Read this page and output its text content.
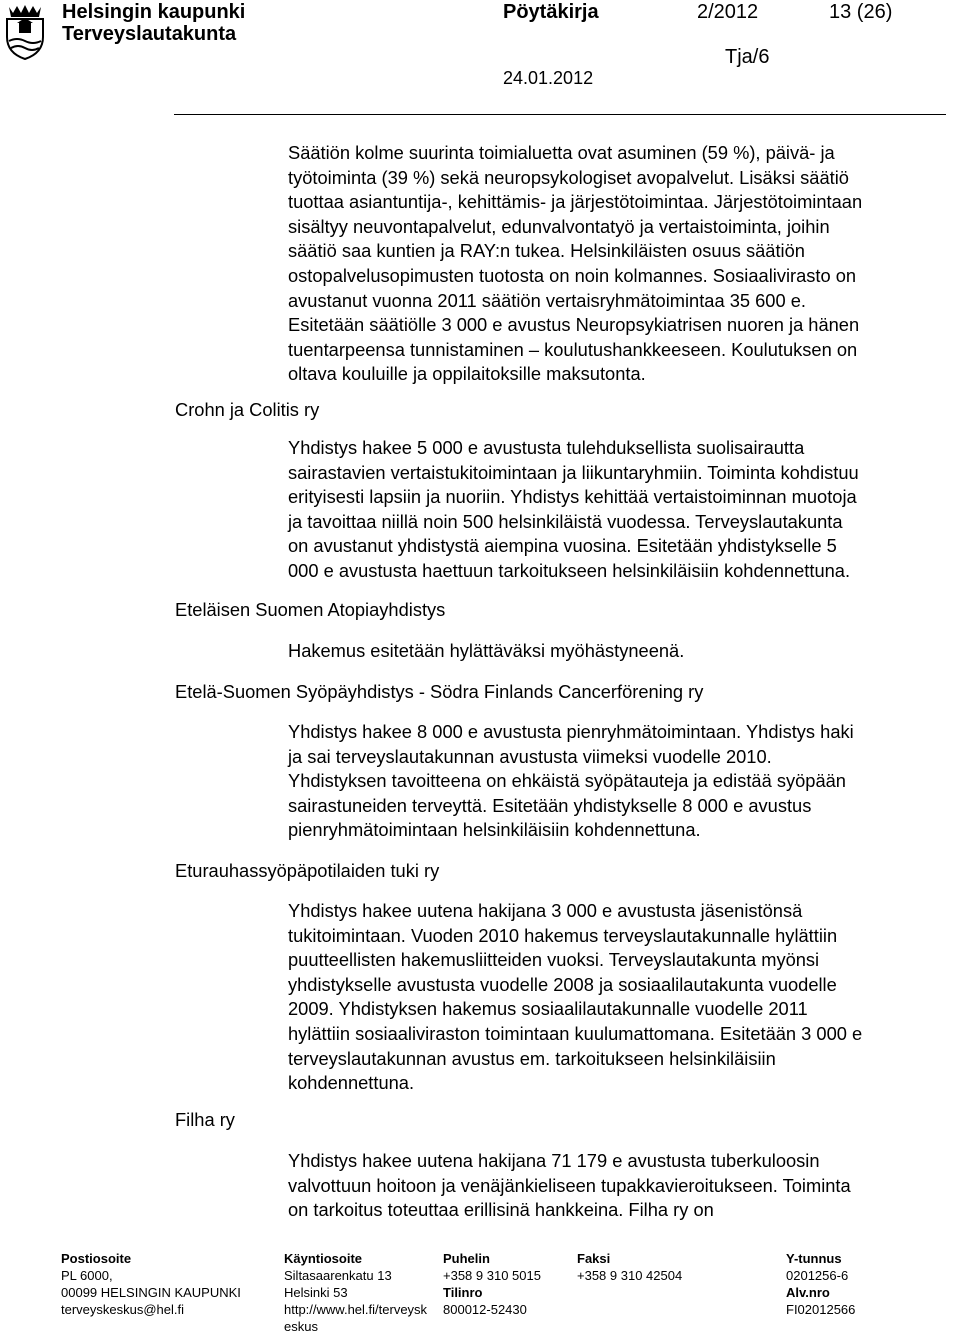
Helsingin kaupunki
Terveyslautakunta
Pöytäkirja	2/2012	13 (26)
Tja/6
24.01.2012
Säätiön kolme suurinta toimialuetta ovat asuminen (59 %), päivä- ja
työtoiminta (39 %) sekä neuropsykologiset avopalvelut. Lisäksi säätiö
tuottaa asiantuntija-, kehittämis- ja järjestötoimintaa. Järjestötoimintaan
sisältyy neuvontapalvelut, edunvalvontatyö ja vertaistoiminta, joihin
säätiö saa kuntien ja RAY:n tukea. Helsinkiläisten osuus säätiön
ostopalvelusopimusten tuotosta on noin kolmannes. Sosiaalivirasto on
avustanut vuonna 2011 säätiön vertaisryhmätoimintaa 35 600 e.
Esitetään säätiölle 3 000 e avustus Neuropsykiatrisen nuoren ja hänen
tuentarpeensa tunnistaminen – koulutushankkeeseen. Koulutuksen on
oltava kouluille ja oppilaitoksille maksutonta.
Crohn ja Colitis ry
Yhdistys hakee 5 000 e avustusta tulehduksellista suolisairautta
sairastavien vertaistukitoimintaan ja liikuntaryhmiin. Toiminta kohdistuu
erityisesti lapsiin ja nuoriin. Yhdistys kehittää vertaistoiminnan muotoja
ja tavoittaa niillä noin 500 helsinkiläistä vuodessa. Terveyslautakunta
on avustanut yhdistystä aiempina vuosina. Esitetään yhdistykselle 5
000 e avustusta haettuun tarkoitukseen helsinkiläisiin kohdennettuna.
Eteläisen Suomen Atopiayhdistys
Hakemus esitetään hylättäväksi myöhästyneenä.
Etelä-Suomen Syöpäyhdistys - Södra Finlands Cancerförening ry
Yhdistys hakee 8 000 e avustusta pienryhmätoimintaan. Yhdistys haki
ja sai terveyslautakunnan avustusta viimeksi vuodelle 2010.
Yhdistyksen tavoitteena on ehkäistä syöpätauteja ja edistää syöpään
sairastuneiden terveyttä. Esitetään yhdistykselle 8 000 e avustus
pienryhmätoimintaan helsinkiläisiin kohdennettuna.
Eturauhassyöpäpotilaiden tuki ry
Yhdistys hakee uutena hakijana 3 000 e avustusta jäsenistönsä
tukitoimintaan. Vuoden 2010 hakemus terveyslautakunnalle hylättiin
puutteellisten hakemusliitteiden vuoksi. Terveyslautakunta myönsi
yhdistykselle avustusta vuodelle 2008 ja sosiaalilautakunta vuodelle
2009. Yhdistyksen hakemus sosiaalilautakunnalle vuodelle 2011
hylättiin sosiaaliviraston toimintaan kuulumattomana. Esitetään 3 000 e
terveyslautakunnan avustus em. tarkoitukseen helsinkiläisiin
kohdennettuna.
Filha ry
Yhdistys hakee uutena hakijana 71 179 e avustusta tuberkuloosin
valvottuun hoitoon ja venäjänkieliseen tupakkavieroitukseen. Toiminta
on tarkoitus toteuttaa erillisinä hankkeina. Filha ry on
Postiosoite
PL 6000,
00099 HELSINGIN KAUPUNKI
terveyskeskus@hel.fi
Käyntiosoite
Siltasaarenkatu 13
Helsinki 53
http://www.hel.fi/terveysk
eskus
Puhelin
+358 9 310 5015
Tilinro
800012-52430
Faksi
+358 9 310 42504
Y-tunnus
0201256-6
Alv.nro
FI02012566
